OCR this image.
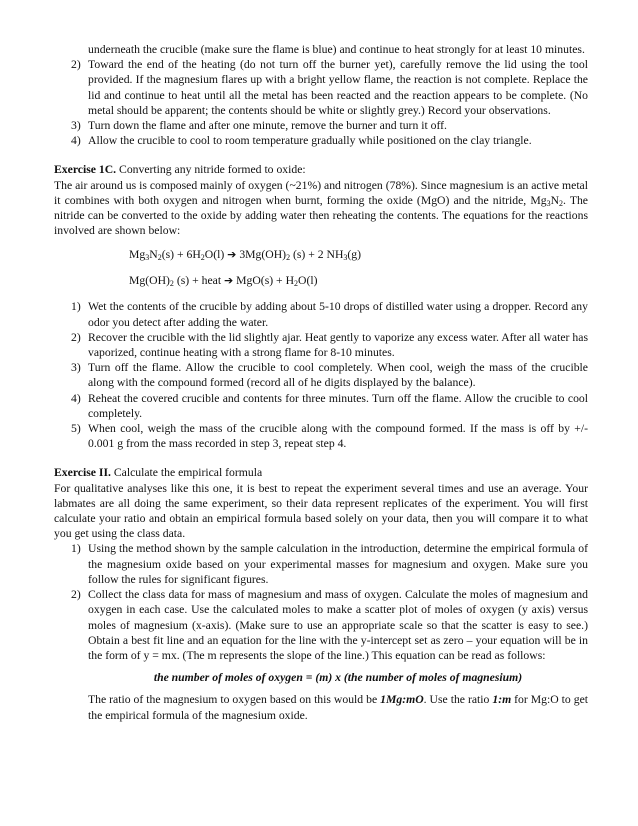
underneath the crucible (make sure the flame is blue) and continue to heat strongly for at least 10 minutes.
2) Toward the end of the heating (do not turn off the burner yet), carefully remove the lid using the tool provided. If the magnesium flares up with a bright yellow flame, the reaction is not complete. Replace the lid and continue to heat until all the metal has been reacted and the reaction appears to be complete. (No metal should be apparent; the contents should be white or slightly grey.) Record your observations.
3) Turn down the flame and after one minute, remove the burner and turn it off.
4) Allow the crucible to cool to room temperature gradually while positioned on the clay triangle.
Exercise 1C. Converting any nitride formed to oxide:
The air around us is composed mainly of oxygen (~21%) and nitrogen (78%). Since magnesium is an active metal it combines with both oxygen and nitrogen when burnt, forming the oxide (MgO) and the nitride, $Mg_3N_2$. The nitride can be converted to the oxide by adding water then reheating the contents. The equations for the reactions involved are shown below:
$Mg_3N_2(s) + 6H_2O(l)$ ➔ $3Mg(OH)_2$ (s) + 2 $NH_3(g)$
$Mg(OH)_2$ (s) + heat ➔ $MgO(s) + H_2O(l)$
1) Wet the contents of the crucible by adding about 5-10 drops of distilled water using a dropper. Record any odor you detect after adding the water.
2) Recover the crucible with the lid slightly ajar. Heat gently to vaporize any excess water. After all water has vaporized, continue heating with a strong flame for 8-10 minutes.
3) Turn off the flame. Allow the crucible to cool completely. When cool, weigh the mass of the crucible along with the compound formed (record all of he digits displayed by the balance).
4) Reheat the covered crucible and contents for three minutes. Turn off the flame. Allow the crucible to cool completely.
5) When cool, weigh the mass of the crucible along with the compound formed. If the mass is off by +/- 0.001 g from the mass recorded in step 3, repeat step 4.
Exercise II. Calculate the empirical formula
For qualitative analyses like this one, it is best to repeat the experiment several times and use an average. Your labmates are all doing the same experiment, so their data represent replicates of the experiment. You will first calculate your ratio and obtain an empirical formula based solely on your data, then you will compare it to what you get using the class data.
1) Using the method shown by the sample calculation in the introduction, determine the empirical formula of the magnesium oxide based on your experimental masses for magnesium and oxygen. Make sure you follow the rules for significant figures.
2) Collect the class data for mass of magnesium and mass of oxygen. Calculate the moles of magnesium and oxygen in each case. Use the calculated moles to make a scatter plot of moles of oxygen (y axis) versus moles of magnesium (x-axis). (Make sure to use an appropriate scale so that the scatter is easy to see.) Obtain a best fit line and an equation for the line with the y-intercept set as zero – your equation will be in the form of y = mx. (The m represents the slope of the line.) This equation can be read as follows:
the number of moles of oxygen = (m) x (the number of moles of magnesium)
The ratio of the magnesium to oxygen based on this would be 1Mg:mO. Use the ratio 1:m for Mg:O to get the empirical formula of the magnesium oxide.
